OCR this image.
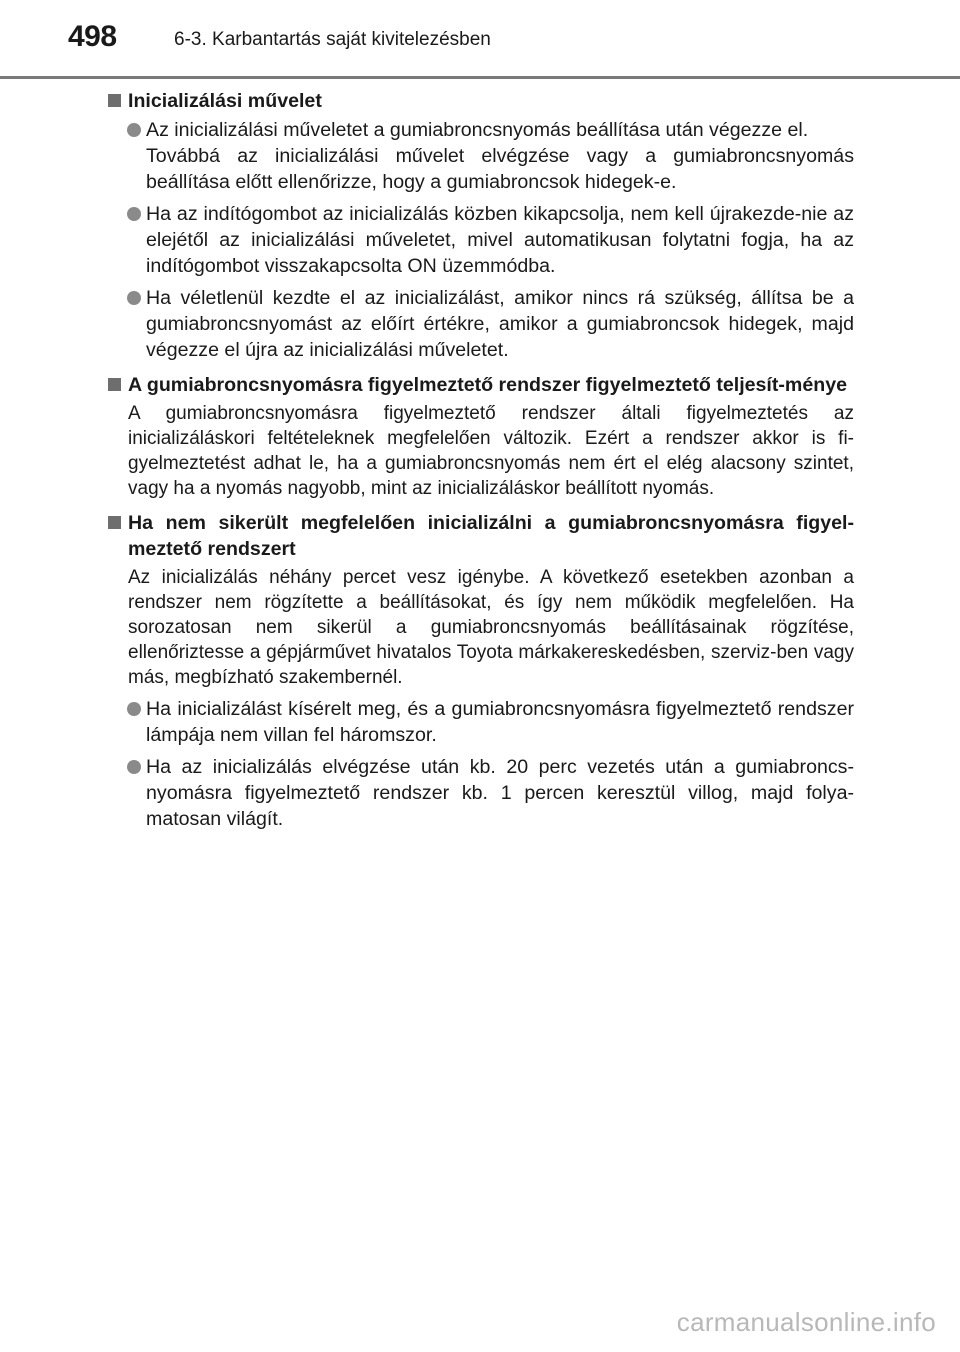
498	6-3. Karbantartás saját kivitelezésben
Inicializálási művelet
Az inicializálási műveletet a gumiabroncsnyomás beállítása után végezze el.
Továbbá az inicializálási művelet elvégzése vagy a gumiabroncsnyomás beállítása előtt ellenőrizze, hogy a gumiabroncsok hidegek-e.
Ha az indítógombot az inicializálás közben kikapcsolja, nem kell újrakezde-nie az elejétől az inicializálási műveletet, mivel automatikusan folytatni fogja, ha az indítógombot visszakapcsolta ON üzemmódba.
Ha véletlenül kezdte el az inicializálást, amikor nincs rá szükség, állítsa be a gumiabroncsnyomást az előírt értékre, amikor a gumiabroncsok hidegek, majd végezze el újra az inicializálási műveletet.
A gumiabroncsnyomásra figyelmeztető rendszer figyelmeztető teljesít-ménye
A gumiabroncsnyomásra figyelmeztető rendszer általi figyelmeztetés az inicializáláskori feltételeknek megfelelően változik. Ezért a rendszer akkor is fi-gyelmeztetést adhat le, ha a gumiabroncsnyomás nem ért el elég alacsony szintet, vagy ha a nyomás nagyobb, mint az inicializáláskor beállított nyomás.
Ha nem sikerült megfelelően inicializálni a gumiabroncsnyomásra figyel-meztető rendszert
Az inicializálás néhány percet vesz igénybe. A következő esetekben azonban a rendszer nem rögzítette a beállításokat, és így nem működik megfelelően. Ha sorozatosan nem sikerül a gumiabroncsnyomás beállításainak rögzítése, ellenőriztesse a gépjárművet hivatalos Toyota márkakereskedésben, szerviz-ben vagy más, megbízható szakembernél.
Ha inicializálást kísérelt meg, és a gumiabroncsnyomásra figyelmeztető rendszer lámpája nem villan fel háromszor.
Ha az inicializálás elvégzése után kb. 20 perc vezetés után a gumiabroncs-nyomásra figyelmeztető rendszer kb. 1 percen keresztül villog, majd folya-matosan világít.
carmanualsonline.info
